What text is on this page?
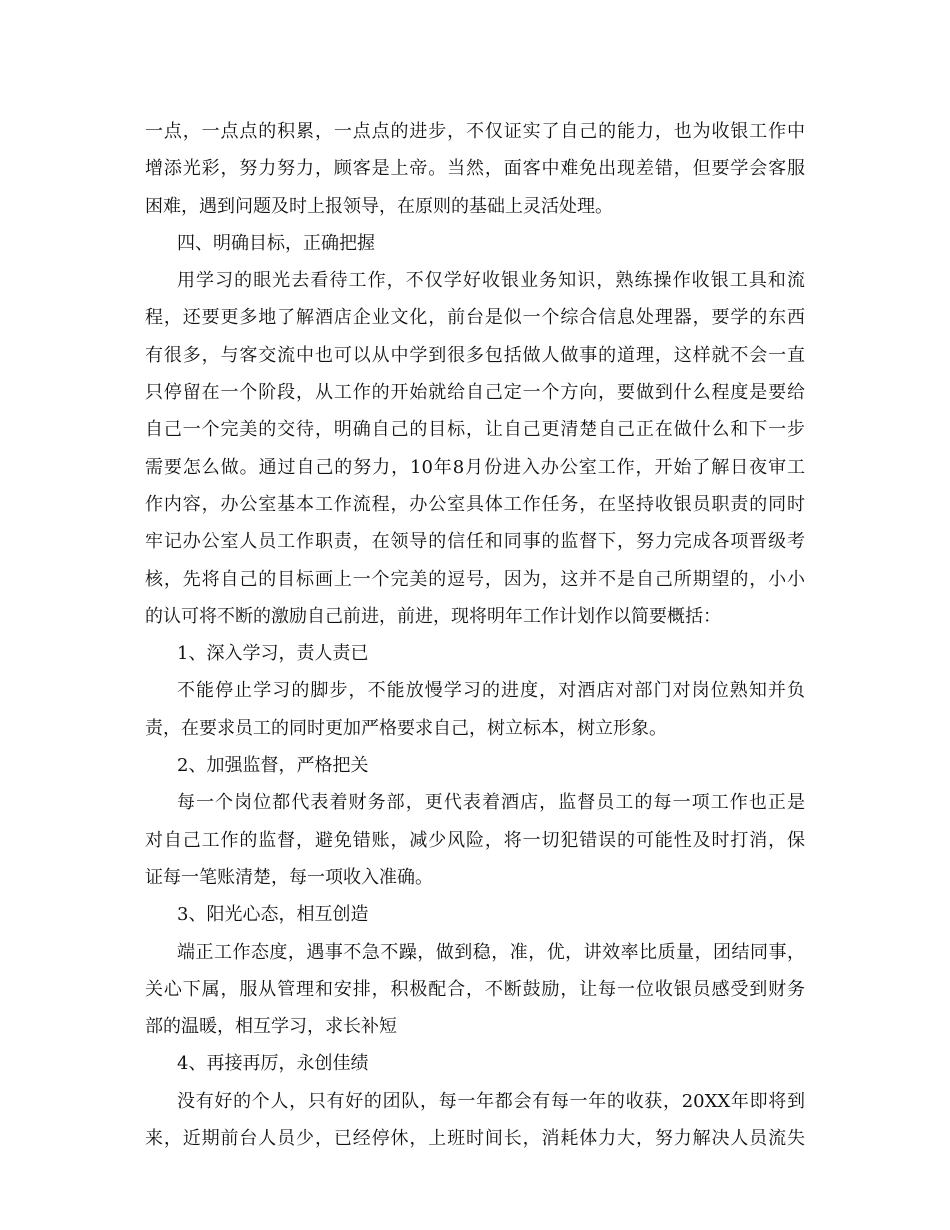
一点，一点点的积累，一点点的进步，不仅证实了自己的能力，也为收银工作中
增添光彩，努力努力，顾客是上帝。当然，面客中难免出现差错，但要学会客服
困难，遇到问题及时上报领导，在原则的基础上灵活处理。
四、明确目标，正确把握
用学习的眼光去看待工作，不仅学好收银业务知识，熟练操作收银工具和流
程，还要更多地了解酒店企业文化，前台是似一个综合信息处理器，要学的东西
有很多，与客交流中也可以从中学到很多包括做人做事的道理，这样就不会一直
只停留在一个阶段，从工作的开始就给自己定一个方向，要做到什么程度是要给
自己一个完美的交待，明确自己的目标，让自己更清楚自己正在做什么和下一步
需要怎么做。通过自己的努力，10年8月份进入办公室工作，开始了解日夜审工
作内容，办公室基本工作流程，办公室具体工作任务，在坚持收银员职责的同时
牢记办公室人员工作职责，在领导的信任和同事的监督下，努力完成各项晋级考
核，先将自己的目标画上一个完美的逗号，因为，这并不是自己所期望的，小小
的认可将不断的激励自己前进，前进，现将明年工作计划作以简要概括：
1、深入学习，责人责已
不能停止学习的脚步，不能放慢学习的进度，对酒店对部门对岗位熟知并负
责，在要求员工的同时更加严格要求自己，树立标本，树立形象。
2、加强监督，严格把关
每一个岗位都代表着财务部，更代表着酒店，监督员工的每一项工作也正是
对自己工作的监督，避免错账，减少风险，将一切犯错误的可能性及时打消，保
证每一笔账清楚，每一项收入准确。
3、阳光心态，相互创造
端正工作态度，遇事不急不躁，做到稳，准，优，讲效率比质量，团结同事，
关心下属，服从管理和安排，积极配合，不断鼓励，让每一位收银员感受到财务
部的温暖，相互学习，求长补短
4、再接再厉，永创佳绩
没有好的个人，只有好的团队，每一年都会有每一年的收获，20XX年即将到
来，近期前台人员少，已经停休，上班时间长，消耗体力大，努力解决人员流失
